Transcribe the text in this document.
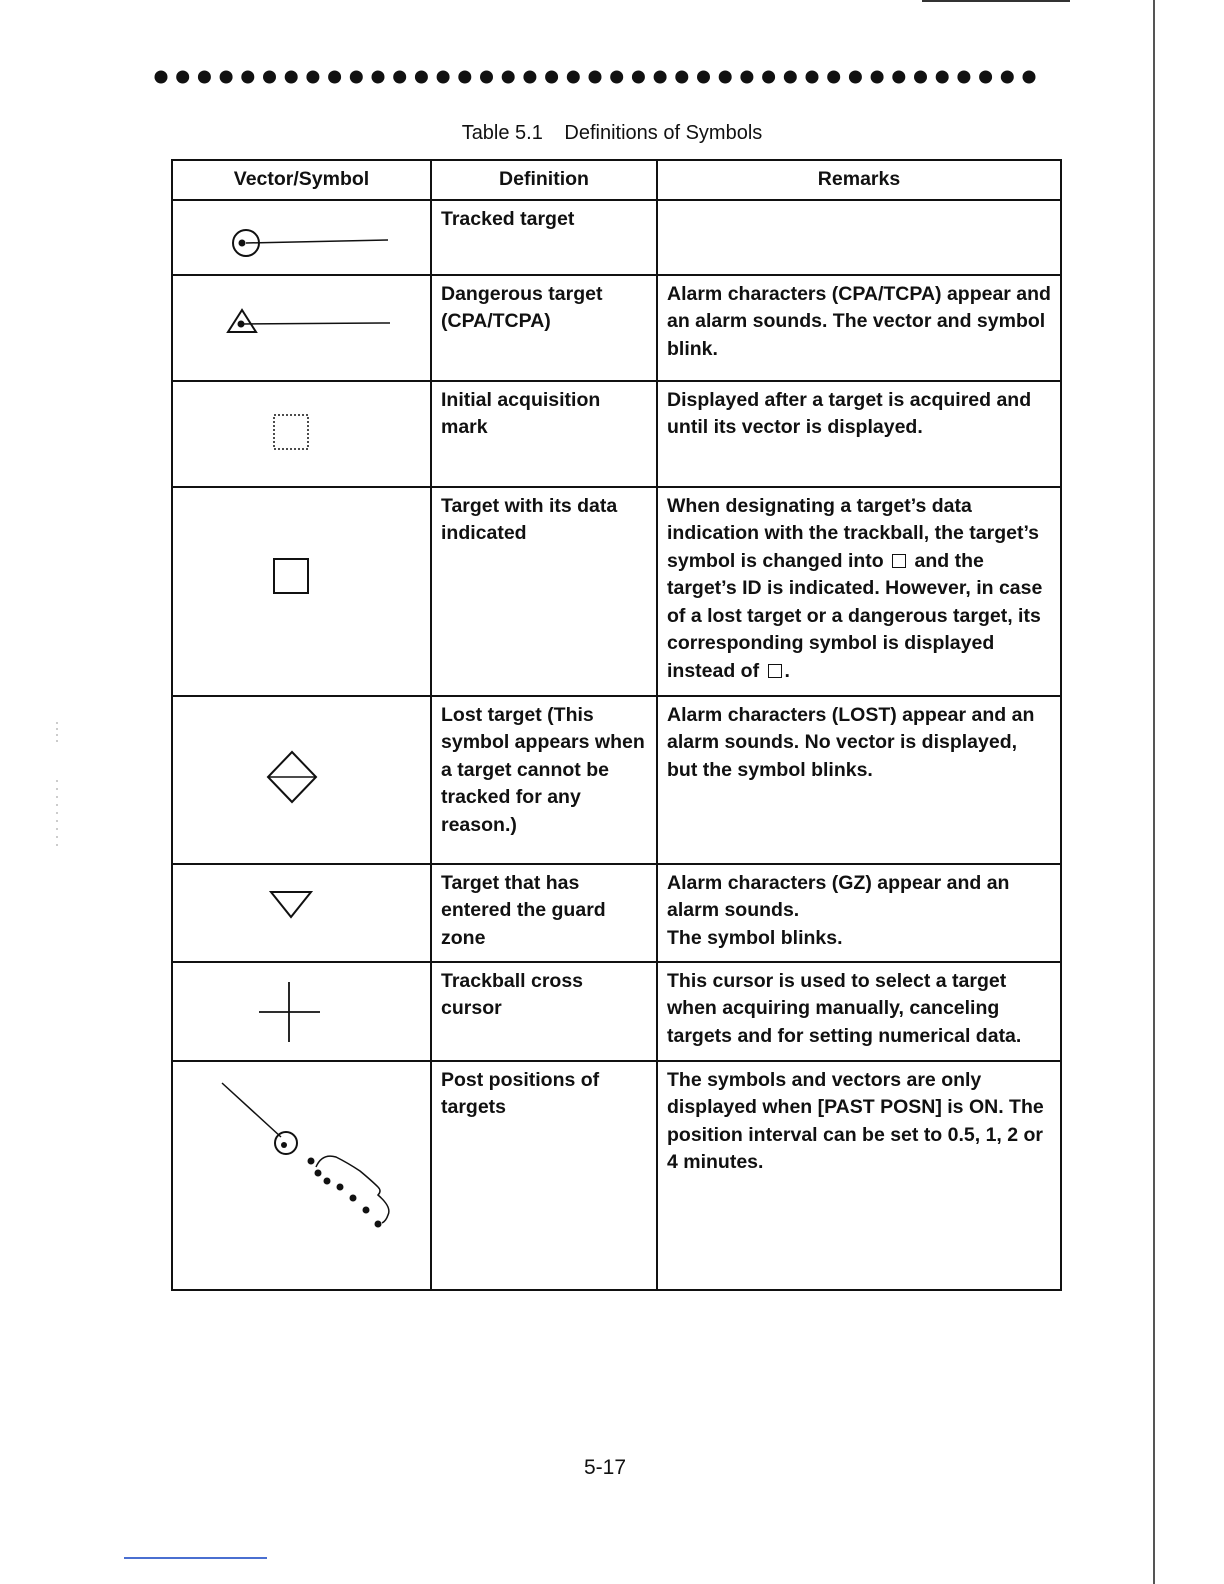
Table 5.1 Definitions of Symbols
Vector/Symbol	Definition	Remarks

	Tracked target	

	Dangerous target (CPA/TCPA)	Alarm characters (CPA/TCPA) appear and an alarm sounds. The vector and symbol blink.

	Initial acquisition mark	Displayed after a target is acquired and until its vector is displayed.

	Target with its data indicated	When designating a target’s data indication with the trackball, the target’s symbol is changed into and the target’s ID is indicated. However, in case of a lost target or a dangerous target, its corresponding symbol is displayed instead of .

	Lost target (This symbol appears when a target cannot be tracked for any reason.)	Alarm characters (LOST) appear and an alarm sounds. No vector is displayed, but the symbol blinks.

	Target that has entered the guard zone	Alarm characters (GZ) appear and an alarm sounds.
The symbol blinks.

	Trackball cross cursor	This cursor is used to select a target when acquiring manually, canceling targets and for setting numerical data.

	Post positions of targets	The symbols and vectors are only displayed when [PAST POSN] is ON. The position interval can be set to 0.5, 1, 2 or 4 minutes.
5-17
